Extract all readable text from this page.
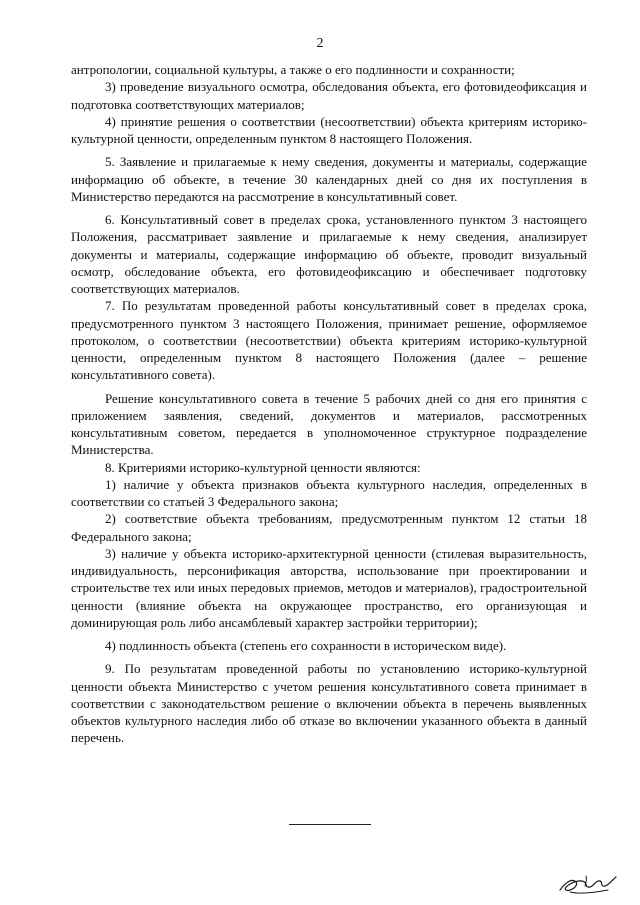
2

антропологии, социальной культуры, а также о его подлинности и сохранности;

3) проведение визуального осмотра, обследования объекта, его фотовидеофиксация и подготовка соответствующих материалов;

4) принятие решения о соответствии (несоответствии) объекта критериям историко-культурной ценности, определенным пунктом 8 настоящего Положения.

5. Заявление и прилагаемые к нему сведения, документы и материалы, содержащие информацию об объекте, в течение 30 календарных дней со дня их поступления в Министерство передаются на рассмотрение в консультативный совет.

6. Консультативный совет в пределах срока, установленного пунктом 3 настоящего Положения, рассматривает заявление и прилагаемые к нему сведения, анализирует документы и материалы, содержащие информацию об объекте, проводит визуальный осмотр, обследование объекта, его фотовидеофиксацию и обеспечивает подготовку соответствующих материалов.

7. По результатам проведенной работы консультативный совет в пределах срока, предусмотренного пунктом 3 настоящего Положения, принимает решение, оформляемое протоколом, о соответствии (несоответствии) объекта критериям историко-культурной ценности, определенным пунктом 8 настоящего Положения (далее – решение консультативного совета).

Решение консультативного совета в течение 5 рабочих дней со дня его принятия с приложением заявления, сведений, документов и материалов, рассмотренных консультативным советом, передается в уполномоченное структурное подразделение Министерства.

8. Критериями историко-культурной ценности являются:

1) наличие у объекта признаков объекта культурного наследия, определенных в соответствии со статьей 3 Федерального закона;

2) соответствие объекта требованиям, предусмотренным пунктом 12 статьи 18 Федерального закона;

3) наличие у объекта историко-архитектурной ценности (стилевая выразительность, индивидуальность, персонификация авторства, использование при проектировании и строительстве тех или иных передовых приемов, методов и материалов), градостроительной ценности (влияние объекта на окружающее пространство, его организующая и доминирующая роль либо ансамблевый характер застройки территории);

4) подлинность объекта (степень его сохранности в историческом виде).

9. По результатам проведенной работы по установлению историко-культурной ценности объекта Министерство с учетом решения консультативного совета принимает в соответствии с законодательством решение о включении объекта в перечень выявленных объектов культурного наследия либо об отказе во включении указанного объекта в данный перечень.
